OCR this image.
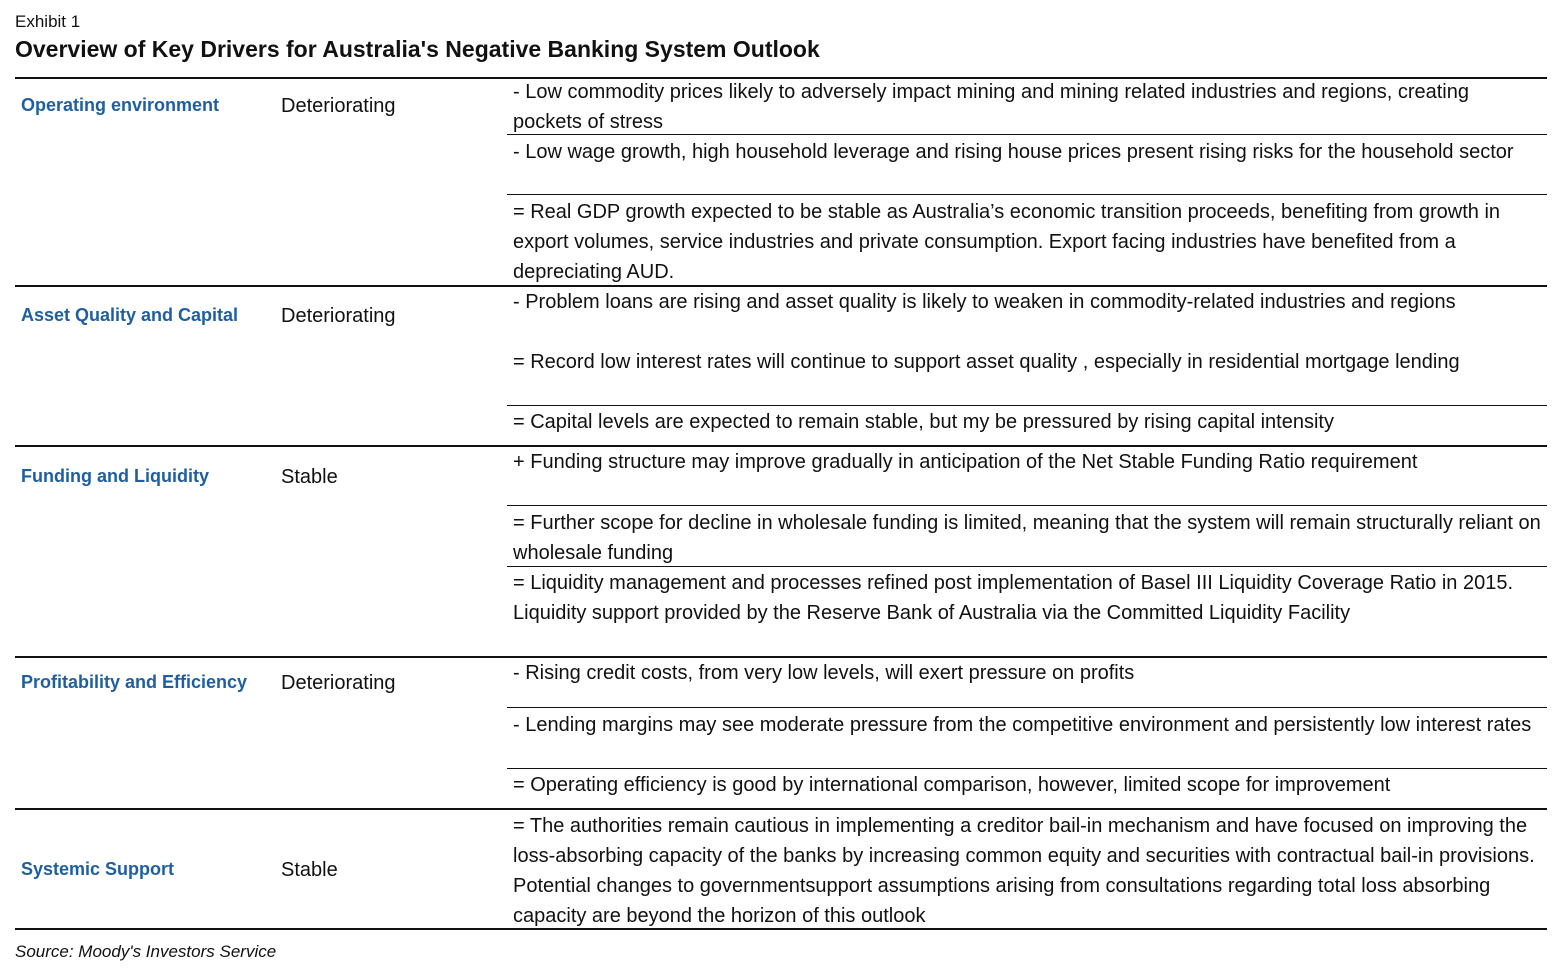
Exhibit 1
Overview of Key Drivers for Australia's Negative Banking System Outlook
Operating environment	Deteriorating
- Low commodity prices likely to adversely impact mining and mining related industries and regions, creating pockets of stress
- Low wage growth, high household leverage and rising house prices present rising risks for the household sector
= Real GDP growth expected to be stable as Australia’s economic transition proceeds, benefiting from growth in export volumes, service industries and private consumption. Export facing industries have benefited from a depreciating AUD.
Asset Quality and Capital Deteriorating
- Problem loans are rising and asset quality is likely to weaken in commodity-related industries and regions
= Record low interest rates will continue to support asset quality , especially in residential mortgage lending
= Capital levels are expected to remain stable, but my be pressured by rising capital intensity
Funding and Liquidity	Stable
+ Funding structure may improve gradually in anticipation of the Net Stable Funding Ratio requirement
= Further scope for decline in wholesale funding is limited, meaning that the system will remain structurally reliant on wholesale funding
= Liquidity management and processes refined post implementation of Basel III Liquidity Coverage Ratio in 2015. Liquidity support provided by the Reserve Bank of Australia via the Committed Liquidity Facility
Profitability and Efficiency Deteriorating	- Rising credit costs, from very low levels, will exert pressure on profits
- Lending margins may see moderate pressure from the competitive environment and persistently low interest rates
= Operating efficiency is good by international comparison, however, limited scope for improvement
Systemic Support	Stable
= The authorities remain cautious in implementing a creditor bail-in mechanism and have focused on improving the loss-absorbing capacity of the banks by increasing common equity and securities with contractual bail-in provisions. Potential changes to governmentsupport assumptions arising from consultations regarding total loss absorbing capacity are beyond the horizon of this outlook
Source: Moody's Investors Service
